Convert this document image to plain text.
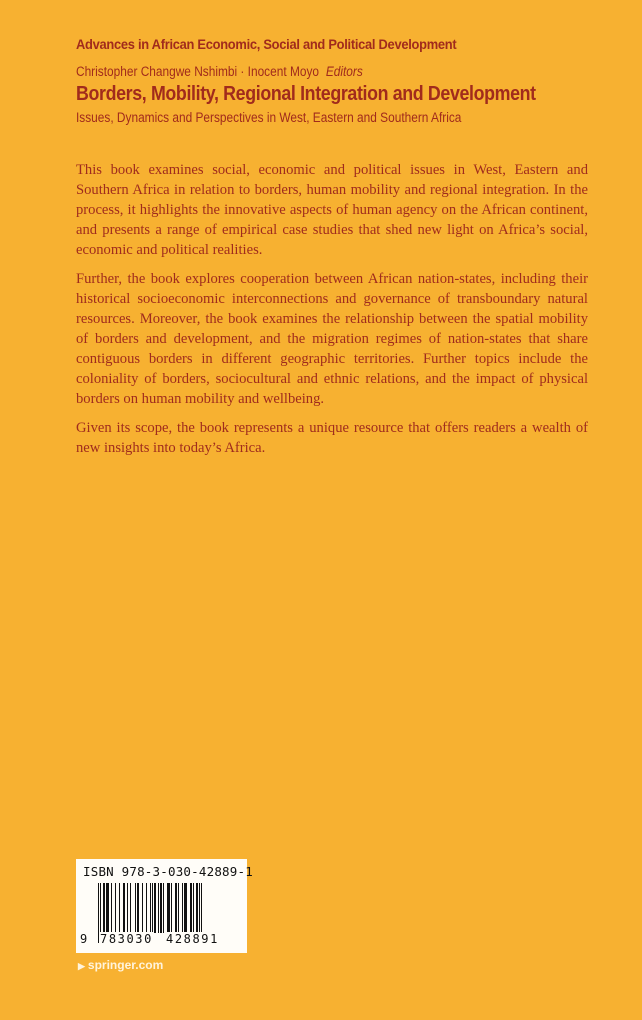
Advances in African Economic, Social and Political Development
Christopher Changwe Nshimbi · Inocent Moyo Editors
Borders, Mobility, Regional Integration and Development
Issues, Dynamics and Perspectives in West, Eastern and Southern Africa

This book examines social, economic and political issues in West, Eastern and Southern Africa in relation to borders, human mobility and regional integration. In the process, it highlights the innovative aspects of human agency on the African continent, and presents a range of empirical case studies that shed new light on Africa’s social, economic and political realities.

Further, the book explores cooperation between African nation-states, including their historical socioeconomic interconnections and governance of transboundary natural resources. Moreover, the book examines the relationship between the spatial mobility of borders and development, and the migration regimes of nation-states that share contiguous borders in different geographic territories. Further topics include the coloniality of borders, sociocultural and ethnic relations, and the impact of physical borders on human mobility and wellbeing.

Given its scope, the book represents a unique resource that offers readers a wealth of new insights into today’s Africa.

ISBN 978-3-030-42889-1
9 783030 428891
▶ springer.com
